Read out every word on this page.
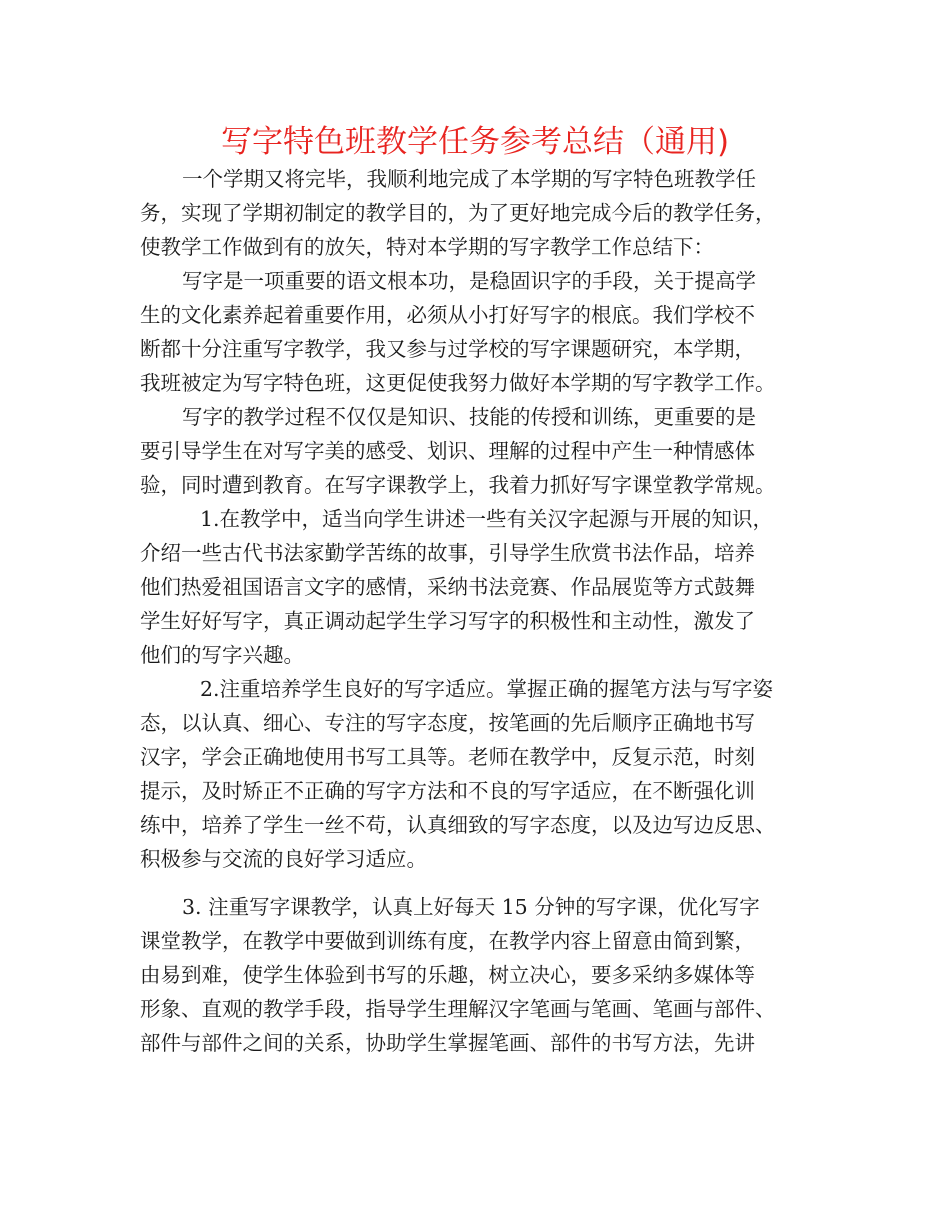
写字特色班教学任务参考总结（通用)
一个学期又将完毕，我顺利地完成了本学期的写字特色班教学任
务，实现了学期初制定的教学目的，为了更好地完成今后的教学任务，
使教学工作做到有的放矢，特对本学期的写字教学工作总结下：
写字是一项重要的语文根本功，是稳固识字的手段，关于提高学
生的文化素养起着重要作用，必须从小打好写字的根底。我们学校不
断都十分注重写字教学，我又参与过学校的写字课题研究，本学期，
我班被定为写字特色班，这更促使我努力做好本学期的写字教学工作。
写字的教学过程不仅仅是知识、技能的传授和训练，更重要的是
要引导学生在对写字美的感受、划识、理解的过程中产生一种情感体
验，同时遭到教育。在写字课教学上，我着力抓好写字课堂教学常规。
1.在教学中，适当向学生讲述一些有关汉字起源与开展的知识，
介绍一些古代书法家勤学苦练的故事，引导学生欣赏书法作品，培养
他们热爱祖国语言文字的感情，采纳书法竞赛、作品展览等方式鼓舞
学生好好写字，真正调动起学生学习写字的积极性和主动性，激发了
他们的写字兴趣。
2.注重培养学生良好的写字适应。掌握正确的握笔方法与写字姿
态，以认真、细心、专注的写字态度，按笔画的先后顺序正确地书写
汉字，学会正确地使用书写工具等。老师在教学中，反复示范，时刻
提示，及时矫正不正确的写字方法和不良的写字适应，在不断强化训
练中，培养了学生一丝不苟，认真细致的写字态度，以及边写边反思、
积极参与交流的良好学习适应。
3. 注重写字课教学，认真上好每天 15 分钟的写字课，优化写字
课堂教学，在教学中要做到训练有度，在教学内容上留意由简到繁，
由易到难，使学生体验到书写的乐趣，树立决心，要多采纳多媒体等
形象、直观的教学手段，指导学生理解汉字笔画与笔画、笔画与部件、
部件与部件之间的关系，协助学生掌握笔画、部件的书写方法，先讲
